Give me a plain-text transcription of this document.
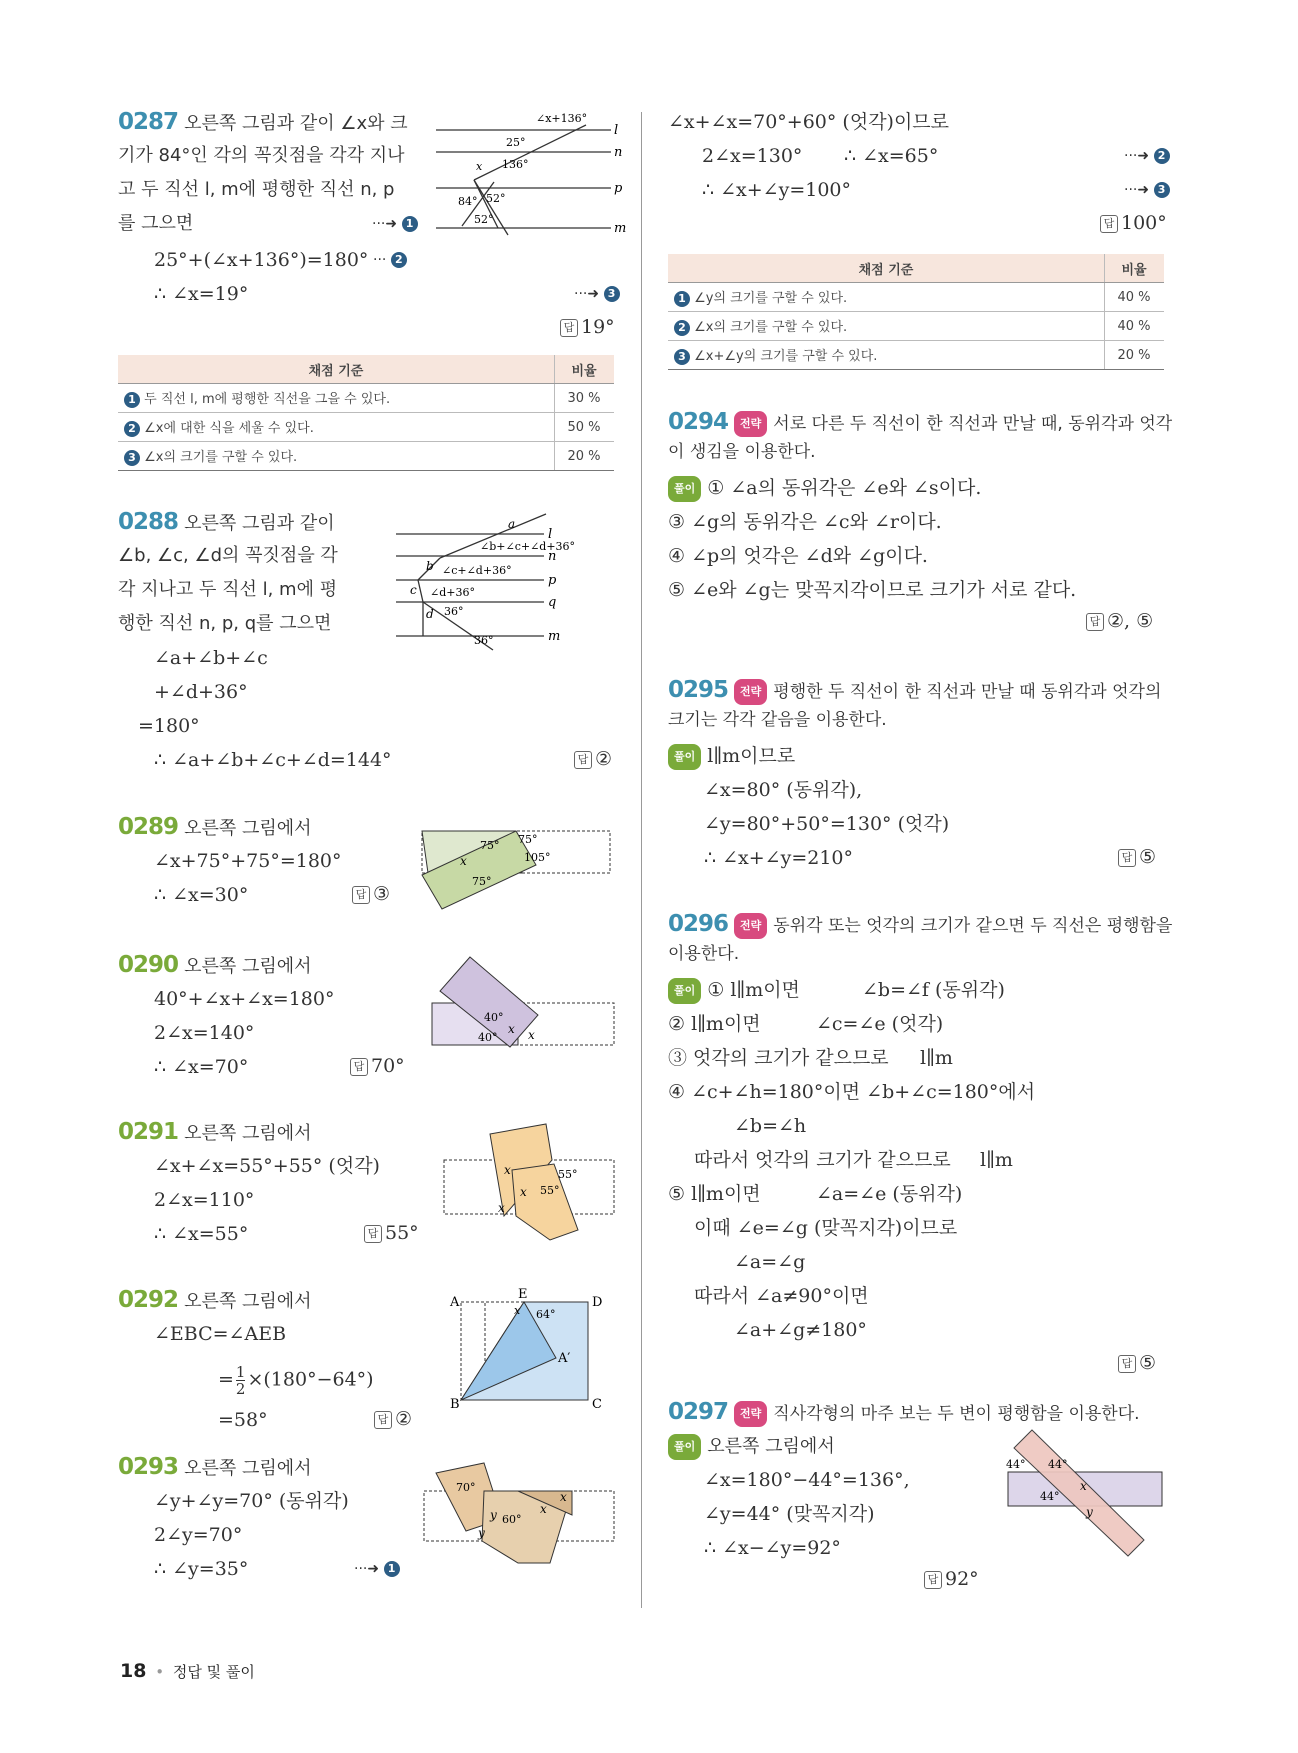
0287 오른쪽 그림과 같이 ∠x와 크
기가 84°인 각의 꼭짓점을 각각 지나
고 두 직선 l, m에 평행한 직선 n, p
를 그으면	···➜ 1
25°+(∠x+136°)=180° ··· 2
∴ ∠x=19°	···➜ 3
답 19°
∠x+136°
25°
136°
x
52°
84°
52°
l
n
p
m
채점 기준	비율
1 두 직선 l, m에 평행한 직선을 그을 수 있다.	30 %
2 ∠x에 대한 식을 세울 수 있다.	50 %
3 ∠x의 크기를 구할 수 있다.	20 %
0288 오른쪽 그림과 같이
∠b, ∠c, ∠d의 꼭짓점을 각
각 지나고 두 직선 l, m에 평
행한 직선 n, p, q를 그으면
∠a+∠b+∠c
+∠d+36°
=180°
∴ ∠a+∠b+∠c+∠d=144°	답 ②
a
b
c
d
∠b+∠c+∠d+36°
∠c+∠d+36°
∠d+36°
36°
36°
l
n
p
q
m
0289 오른쪽 그림에서
∠x+75°+75°=180°
∴ ∠x=30°	답 ③
75° 75°
75°
105°
x
0290 오른쪽 그림에서
40°+∠x+∠x=180°
2∠x=140°
∴ ∠x=70°	답 70°
40°
40°
x x
0291 오른쪽 그림에서
∠x+∠x=55°+55° (엇각)
2∠x=110°
∴ ∠x=55°	답 55°
x
x
x
55°
55°
0292 오른쪽 그림에서
∠EBC=∠AEB
= $\frac{1}{2} \times(180^\circ-64^\circ)$
=58°	답 ②
A
E
D
B	C
A′
64°
x
0293 오른쪽 그림에서
∠y+∠y=70° (동위각)
2∠y=70°
∴ ∠y=35°	···➜ 1
70°
60°
x
x
y
y
∠x+∠x=70°+60° (엇각)이므로
2∠x=130° ∴ ∠x=65°	···➜ 2
∴ ∠x+∠y=100°	···➜ 3
답 100°
채점 기준	비율
1 ∠y의 크기를 구할 수 있다.	40 %
2 ∠x의 크기를 구할 수 있다.	40 %
3 ∠x+∠y의 크기를 구할 수 있다.	20 %
0294 전략 서로 다른 두 직선이 한 직선과 만날 때, 동위각과 엇각
이 생김을 이용한다.
풀이 ① ∠a의 동위각은 ∠e와 ∠s이다.
③ ∠g의 동위각은 ∠c와 ∠r이다.
④ ∠p의 엇각은 ∠d와 ∠g이다.
⑤ ∠e와 ∠g는 맞꼭지각이므로 크기가 서로 같다.
답 ②, ⑤
0295 전략 평행한 두 직선이 한 직선과 만날 때 동위각과 엇각의
크기는 각각 같음을 이용한다.
풀이 l∥m이므로
∠x=80° (동위각),
∠y=80°+50°=130° (엇각)
∴ ∠x+∠y=210°	답 ⑤
0296 전략 동위각 또는 엇각의 크기가 같으면 두 직선은 평행함을
이용한다.
풀이 ① l∥m이면	∠b=∠f (동위각)
② l∥m이면	∠c=∠e (엇각)
③ 엇각의 크기가 같으므로 l∥m
④ ∠c+∠h=180°이면 ∠b+∠c=180°에서
∠b=∠h
따라서 엇각의 크기가 같으므로 l∥m
⑤ l∥m이면	∠a=∠e (동위각)
이때 ∠e=∠g (맞꼭지각)이므로
∠a=∠g
따라서 ∠a≠90°이면
∠a+∠g≠180°
답 ⑤
0297 전략 직사각형의 마주 보는 두 변이 평행함을 이용한다.
풀이 오른쪽 그림에서
∠x=180°−44°=136°,
∠y=44° (맞꼭지각)
∴ ∠x−∠y=92°
답 92°
44° 44°
44°
x
y
18 • 정답 및 풀이
